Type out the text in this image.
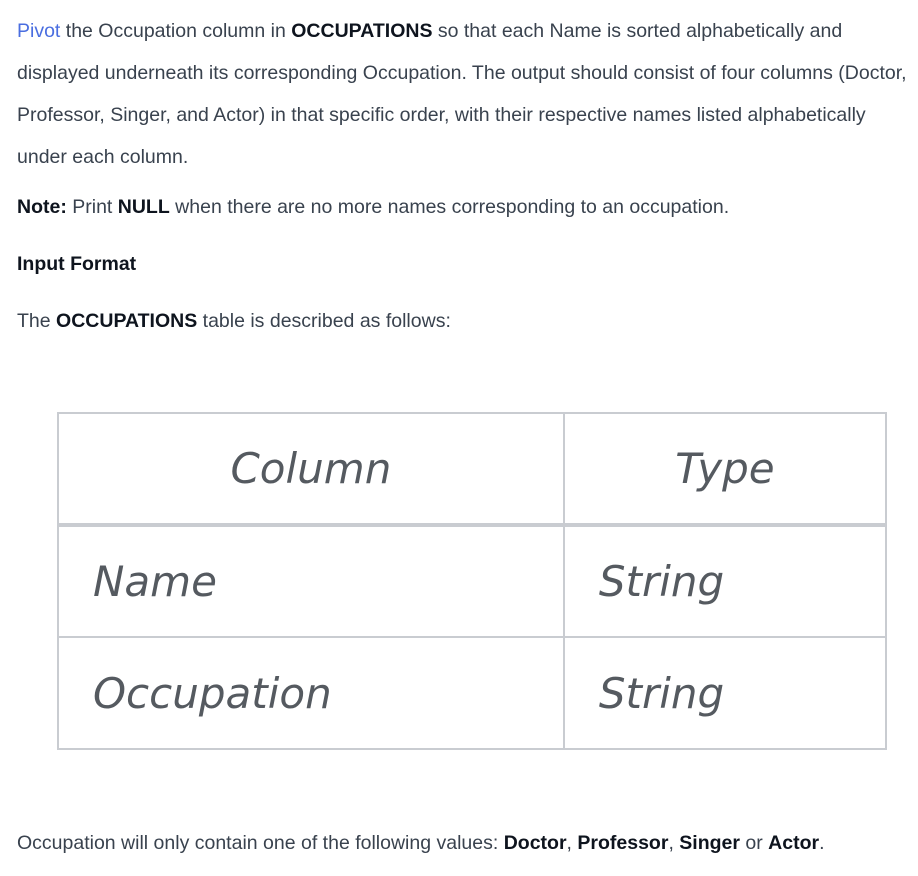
Pivot the Occupation column in OCCUPATIONS so that each Name is sorted alphabetically and displayed underneath its corresponding Occupation. The output should consist of four columns (Doctor, Professor, Singer, and Actor) in that specific order, with their respective names listed alphabetically under each column.

Note: Print NULL when there are no more names corresponding to an occupation.

Input Format

The OCCUPATIONS table is described as follows:

Occupation will only contain one of the following values: Doctor, Professor, Singer or Actor.

Column	Type
Name	String
Occupation	String
